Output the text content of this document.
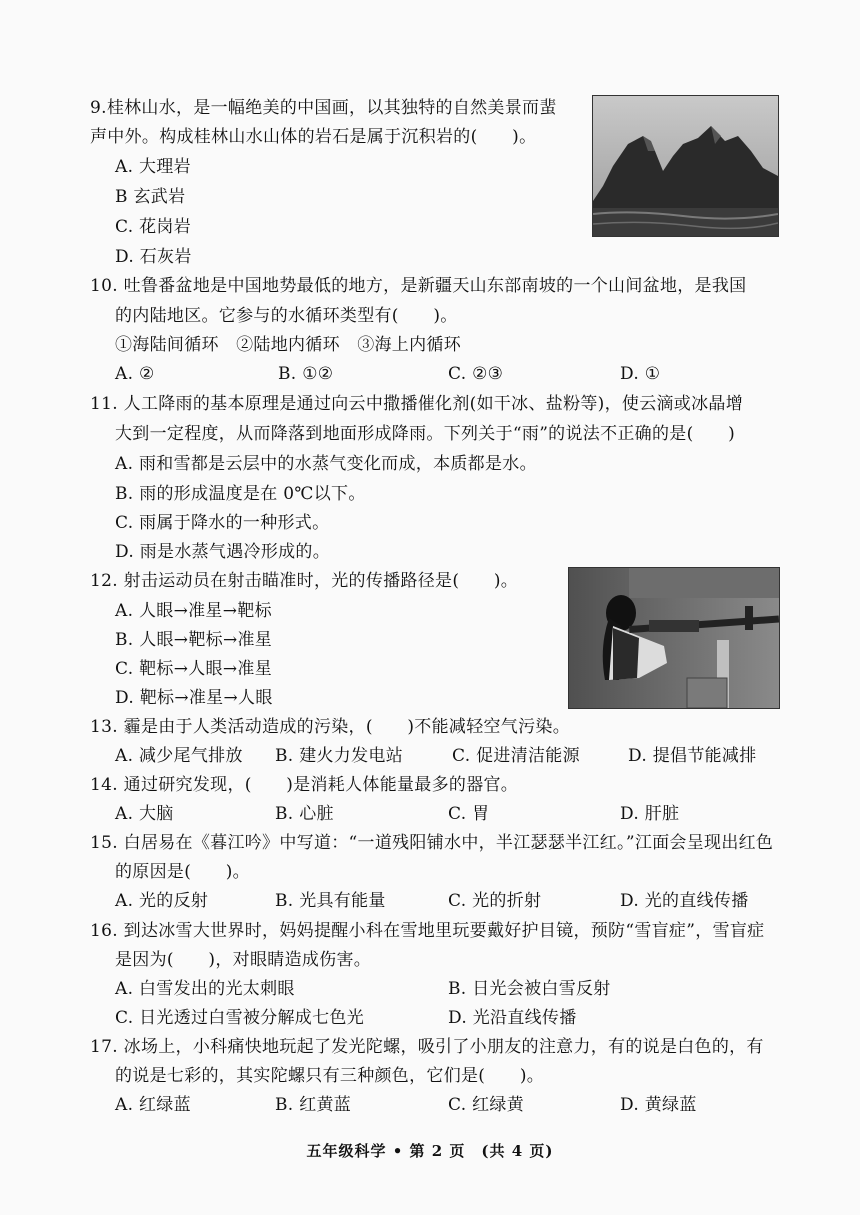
9.桂林山水，是一幅绝美的中国画，以其独特的自然美景而蜚
声中外。构成桂林山水山体的岩石是属于沉积岩的(　　)。
A. 大理岩
B 玄武岩
C. 花岗岩
D. 石灰岩
10. 吐鲁番盆地是中国地势最低的地方，是新疆天山东部南坡的一个山间盆地，是我国
的内陆地区。它参与的水循环类型有(　　)。
①海陆间循环　②陆地内循环　③海上内循环
A. ②	B. ①②	C. ②③	D. ①
11. 人工降雨的基本原理是通过向云中撒播催化剂(如干冰、盐粉等)，使云滴或冰晶增
大到一定程度，从而降落到地面形成降雨。下列关于“雨”的说法不正确的是(　　)
A. 雨和雪都是云层中的水蒸气变化而成，本质都是水。
B. 雨的形成温度是在 0℃以下。
C. 雨属于降水的一种形式。
D. 雨是水蒸气遇冷形成的。
12. 射击运动员在射击瞄准时，光的传播路径是(　　)。
A. 人眼→准星→靶标
B. 人眼→靶标→准星
C. 靶标→人眼→准星
D. 靶标→准星→人眼
13. 霾是由于人类活动造成的污染，(　　)不能减轻空气污染。
A. 减少尾气排放 B. 建火力发电站	C. 促进清洁能源	D. 提倡节能减排
14. 通过研究发现，(　　)是消耗人体能量最多的器官。
A. 大脑	B. 心脏	C. 胃	D. 肝脏
15. 白居易在《暮江吟》中写道：“一道残阳铺水中，半江瑟瑟半江红。”江面会呈现出红色
的原因是(　　)。
A. 光的反射	B. 光具有能量	C. 光的折射	D. 光的直线传播
16. 到达冰雪大世界时，妈妈提醒小科在雪地里玩要戴好护目镜，预防“雪盲症”，雪盲症
是因为(　　)，对眼睛造成伤害。
A. 白雪发出的光太刺眼	B. 日光会被白雪反射
C. 日光透过白雪被分解成七色光	D. 光沿直线传播
17. 冰场上，小科痛快地玩起了发光陀螺，吸引了小朋友的注意力，有的说是白色的，有
的说是七彩的，其实陀螺只有三种颜色，它们是(　　)。
A. 红绿蓝	B. 红黄蓝	C. 红绿黄	D. 黄绿蓝
五年级科学 • 第 2 页　(共 4 页)
